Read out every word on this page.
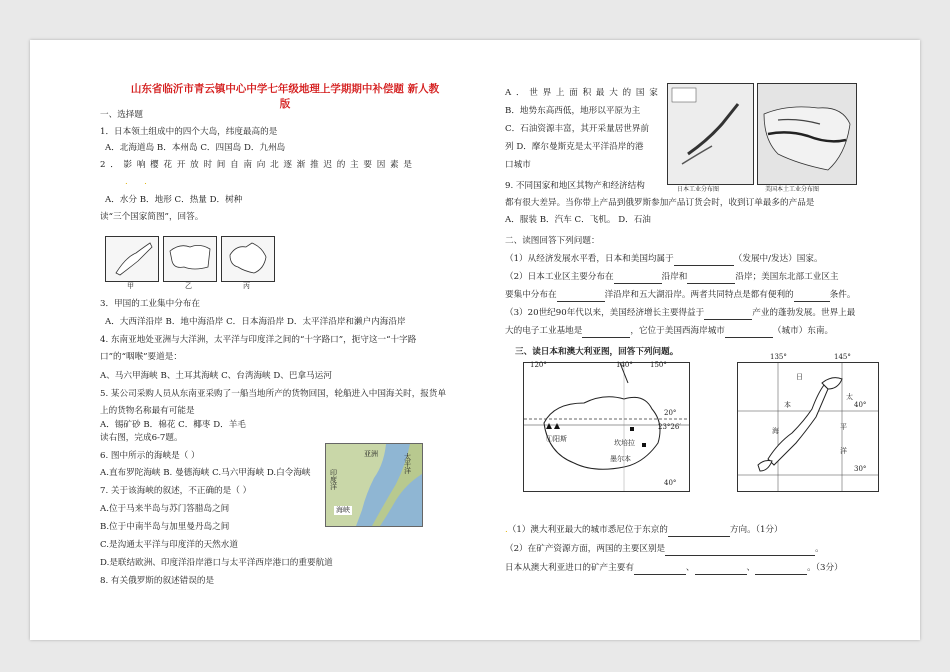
山东省临沂市青云镇中心中学七年级地理上学期期中补偿题 新人教
版
一、选择题
1．日本领土组成中的四个大岛，纬度最高的是
A．北海道岛 B．本州岛 C．四国岛 D．九州岛
2 ． 影 响 樱 花 开 放 时 间 自 南 向 北 逐 渐 推 迟 的 主 要 因 素 是
.      .
A．水分 B．地形 C．热量 D．树种
读“三个国家简图”，回答。
甲	乙	丙
3．甲国的工业集中分布在
A．大西洋沿岸 B．地中海沿岸 C．日本海沿岸 D．太平洋沿岸和濑户内海沿岸
4. 东南亚地处亚洲与大洋洲，太平洋与印度洋之间的“十字路口”，扼守这一“十字路
口”的“咽喉”要道是：
A、马六甲海峡 B、土耳其海峡 C、台湾海峡 D、巴拿马运河
5. 某公司采购人员从东南亚采购了一船当地所产的货物回国，轮船进入中国海关时，报货单
上的货物名称最有可能是
A．锡矿砂 B．棉花 C．椰枣 D．羊毛
读右图，完成6-7题。
6. 图中所示的海峡是（ ）
A.直布罗陀海峡 B. 曼德海峡 C.马六甲海峡 D.白令海峡
7. 关于该海峡的叙述，不正确的是（ ）
A.位于马来半岛与苏门答腊岛之间
B.位于中南半岛与加里曼丹岛之间
C.是沟通太平洋与印度洋的天然水道
D.是联结欧洲、印度洋沿岸港口与太平洋西岸港口的重要航道
8. 有关俄罗斯的叙述错误的是
亚洲	太平洋
印度洋
海峡
A ． 世 界 上 面 积 最 大 的 国 家
B．地势东高西低，地形以平原为主
C．石油资源丰富，其开采量居世界前
列 D．摩尔曼斯克是太平洋沿岸的港
口城市
9. 不同国家和地区其物产和经济结构
都有很大差异。当你带上产品到俄罗斯参加产品订货会时，收到订单最多的产品是
A．服装 B．汽车 C．飞机。 D．石油
日本工业分布图	美国本土工业分布图
二、读图回答下列问题：
（1）从经济发展水平看，日本和美国均属于	（发展中/发达）国家。
（2）日本工业区主要分布在	沿岸和	沿岸；美国东北部工业区主
要集中分布在	洋沿岸和五大湖沿岸。两者共同特点是都有便利的	条件。
（3）20世纪90年代以来，美国经济增长主要得益于	产业的蓬勃发展。世界上最
大的电子工业基地是	，它位于美国西海岸城市	（城市）东南。
三、读日本和澳大利亚图，回答下列问题。
120°	140° 150°
20°
23°26′
40°
①阳斯	坎培拉
墨尔本
135°	145°
40°
30°
日
本
海
太
平
洋
.（1）澳大利亚最大的城市悉尼位于东京的	方向。（1分）
（2）在矿产资源方面，两国的主要区别是	。
日本从澳大利亚进口的矿产主要有	、	、	。（3分）
